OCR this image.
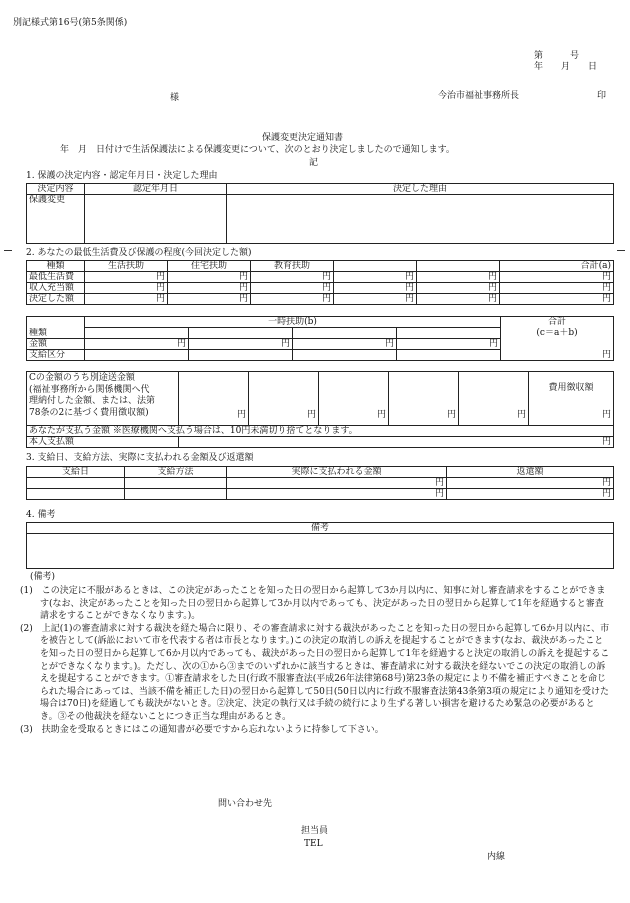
別記様式第16号(第5条関係)
第　　　号
年　　月　　日
様	今治市福祉事務所長	印
保護変更決定通知書
年　月　日付けで生活保護法による保護変更について、次のとおり決定しましたので通知します。
記
1. 保護の決定内容・認定年月日・決定した理由
決定内容	認定年月日	決定した理由
保護変更		
2. あなたの最低生活費及び保護の程度(今回決定した額)
種類	生活扶助	住宅扶助	教育扶助			合計(a)
最低生活費	円	円	円	円	円	円
収入充当額	円	円	円	円	円	円
決定した額	円	円	円	円	円	円
	一時扶助(b)				合計
種類					(c＝a＋b)
金額	円	円	円	円	
支給区分					円
Cの金額のうち別途送金額
(福祉事務所から関係機関へ代
理納付した金額、または、法第
78条の2に基づく費用徴収額)						費用徴収額
	円	円	円	円	円	円
あなたが支払う金額 ※医療機関へ支払う場合は、10円未満切り捨てとなります。						
本人支払額	円					
3. 支給日、支給方法、実際に支払われる金額及び返還額
支給日	支給方法	実際に支払われる金額	返還額
		円	円
		円	円
4. 備考
備考

(備考)

(1)　この決定に不服があるときは、この決定があったことを知った日の翌日から起算して3か月以内に、知事に対し審査請求をすることができます(なお、決定があったことを知った日の翌日から起算して3か月以内であっても、決定があった日の翌日から起算して1年を経過すると審査請求をすることができなくなります。)。

(2)　上記(1)の審査請求に対する裁決を経た場合に限り、その審査請求に対する裁決があったことを知った日の翌日から起算して6か月以内に、市を被告として(訴訟において市を代表する者は市長となります。)この決定の取消しの訴えを提起することができます(なお、裁決があったことを知った日の翌日から起算して6か月以内であっても、裁決があった日の翌日から起算して1年を経過すると決定の取消しの訴えを提起することができなくなります。)。ただし、次の①から③までのいずれかに該当するときは、審査請求に対する裁決を経ないでこの決定の取消しの訴えを提起することができます。①審査請求をした日(行政不服審査法(平成26年法律第68号)第23条の規定により不備を補正すべきことを命じられた場合にあっては、当該不備を補正した日)の翌日から起算して50日(50日以内に行政不服審査法第43条第3項の規定により通知を受けた場合は70日)を経過しても裁決がないとき。②決定、決定の執行又は手続の続行により生ずる著しい損害を避けるため緊急の必要があるとき。③その他裁決を経ないことにつき正当な理由があるとき。

(3)　扶助金を受取るときにはこの通知書が必要ですから忘れないように持参して下さい。

問い合わせ先
担当員
TEL
内線
